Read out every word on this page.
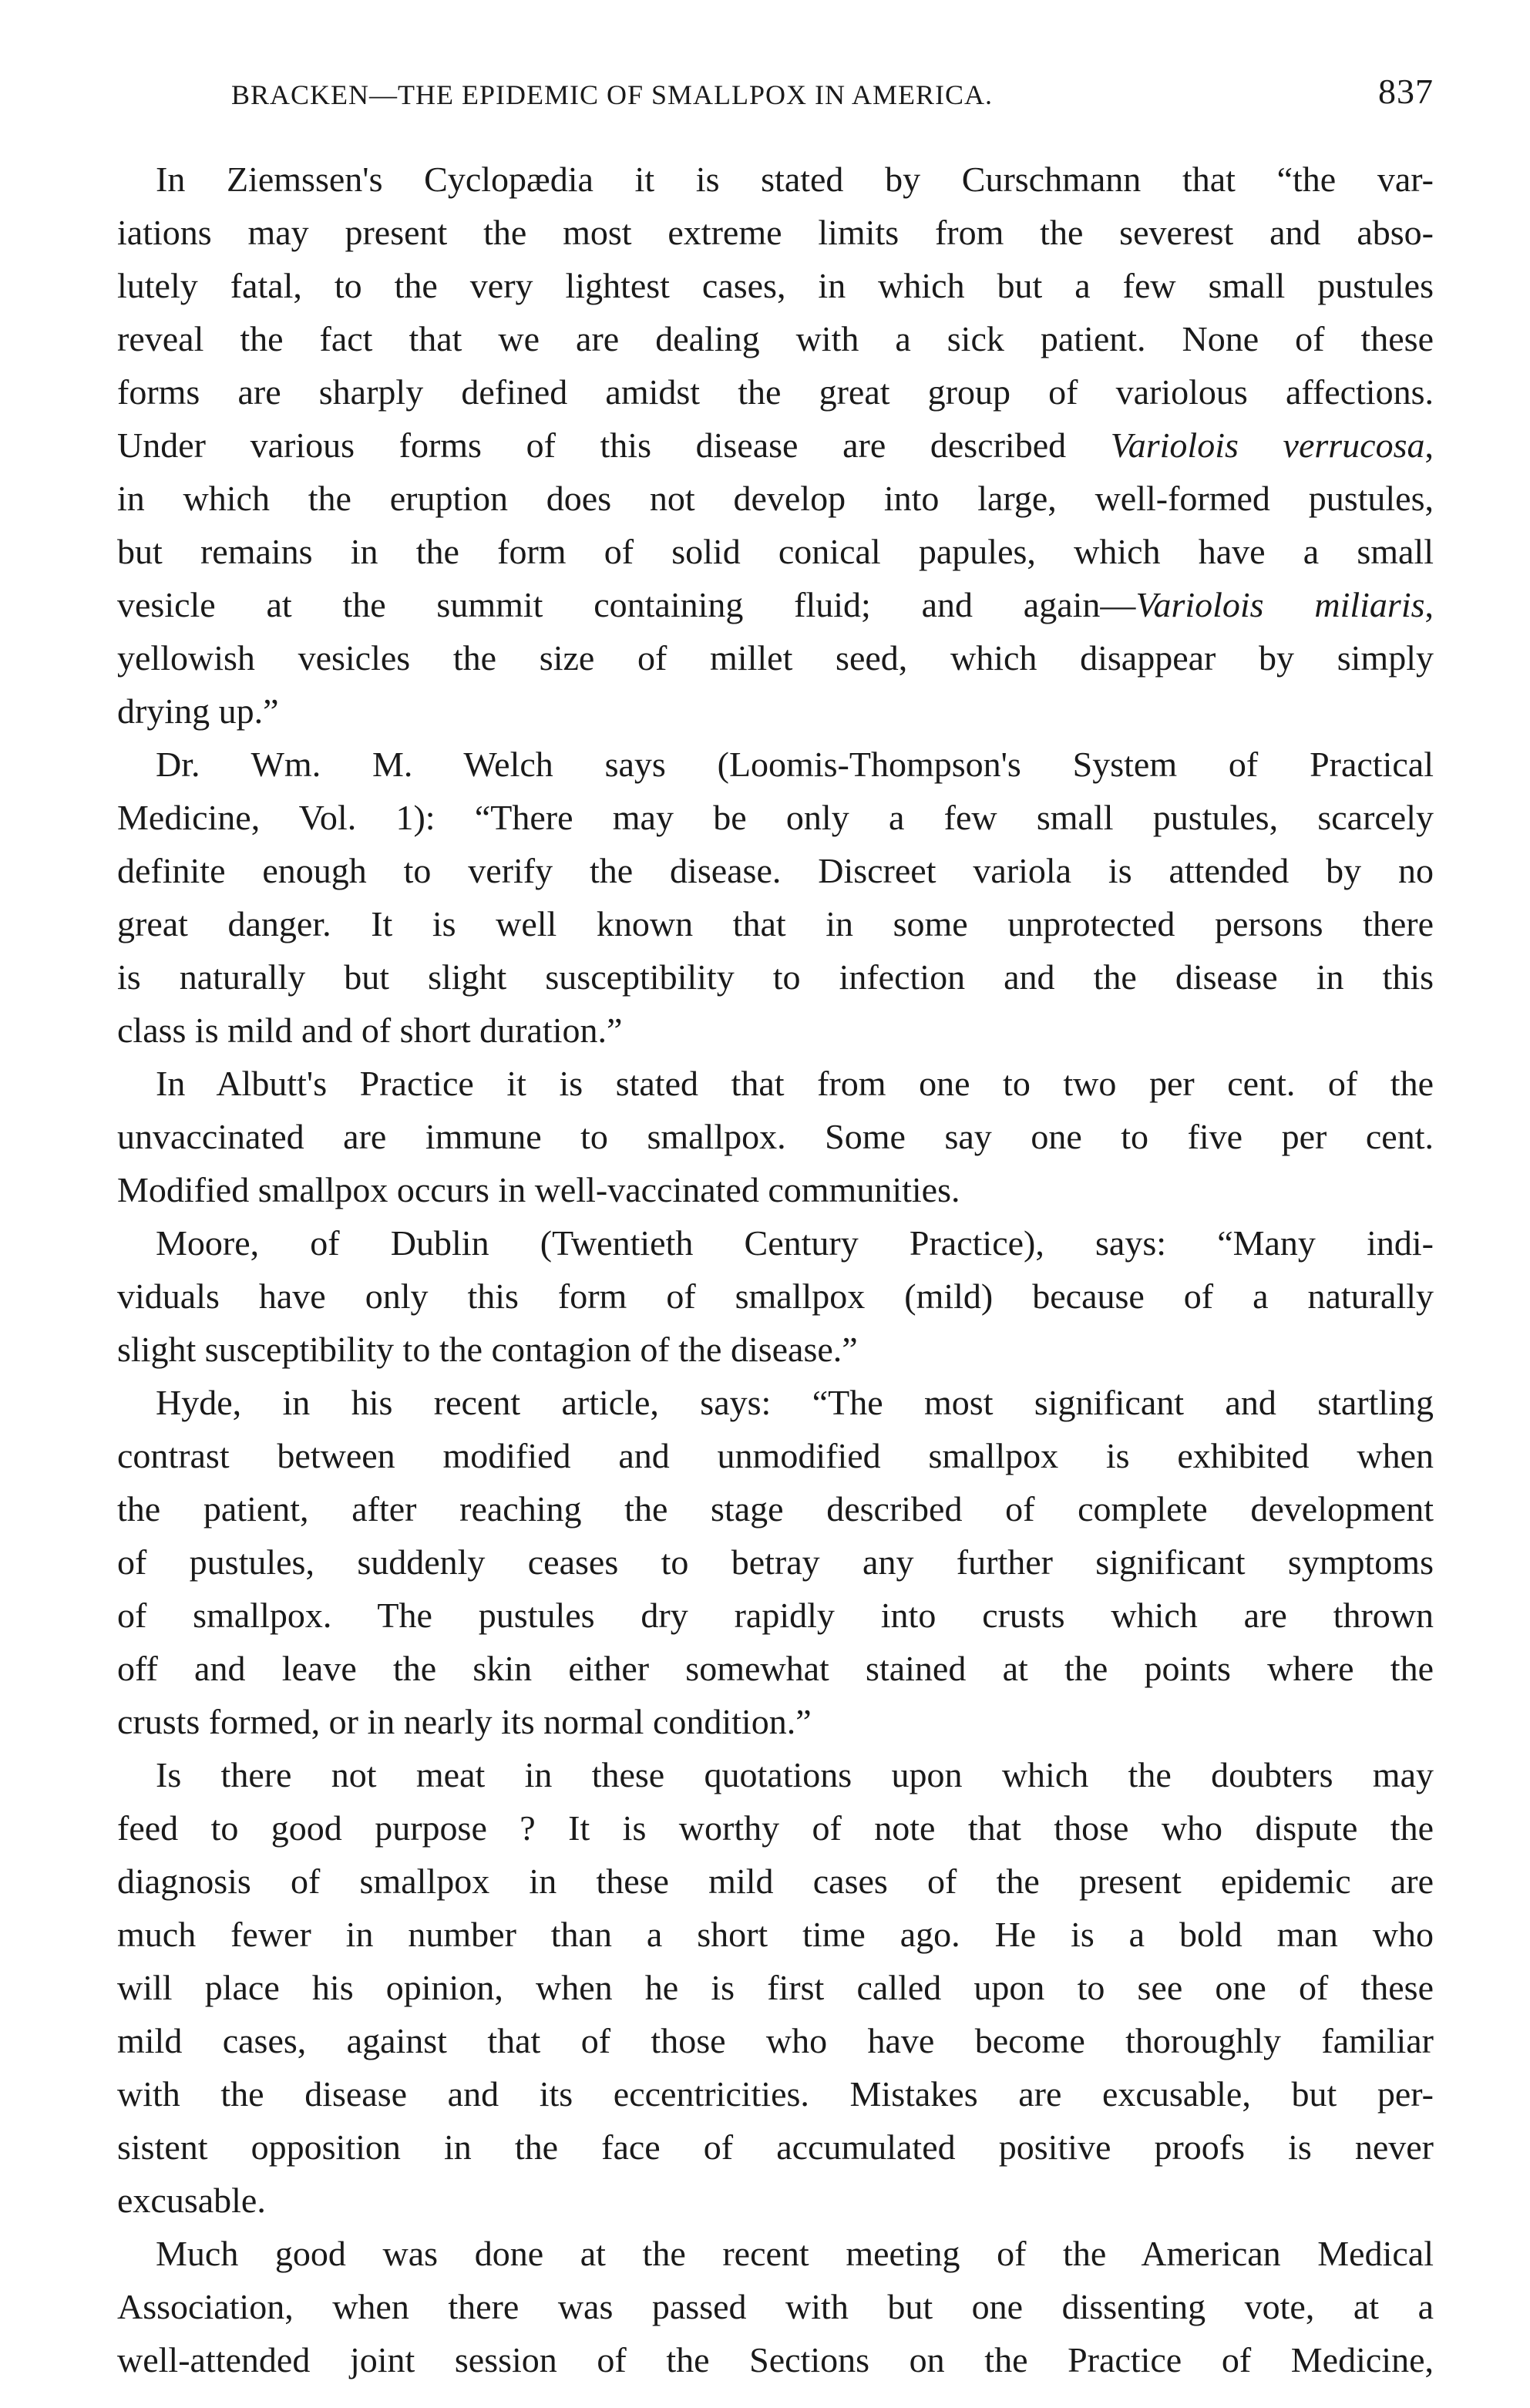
BRACKEN—THE EPIDEMIC OF SMALLPOX IN AMERICA.	837
In Ziemssen's Cyclopædia it is stated by Curschmann that “the var-
iations may present the most extreme limits from the severest and abso-
lutely fatal, to the very lightest cases, in which but a few small pustules
reveal the fact that we are dealing with a sick patient. None of these
forms are sharply defined amidst the great group of variolous affections.
Under various forms of this disease are described Variolois verrucosa,
in which the eruption does not develop into large, well-formed pustules,
but remains in the form of solid conical papules, which have a small
vesicle at the summit containing fluid; and again—Variolois miliaris,
yellowish vesicles the size of millet seed, which disappear by simply
drying up.”
Dr. Wm. M. Welch says (Loomis-Thompson's System of Practical
Medicine, Vol. 1): “There may be only a few small pustules, scarcely
definite enough to verify the disease. Discreet variola is attended by no
great danger. It is well known that in some unprotected persons there
is naturally but slight susceptibility to infection and the disease in this
class is mild and of short duration.”
In Albutt's Practice it is stated that from one to two per cent. of the
unvaccinated are immune to smallpox. Some say one to five per cent.
Modified smallpox occurs in well-vaccinated communities.
Moore, of Dublin (Twentieth Century Practice), says: “Many indi-
viduals have only this form of smallpox (mild) because of a naturally
slight susceptibility to the contagion of the disease.”
Hyde, in his recent article, says: “The most significant and startling
contrast between modified and unmodified smallpox is exhibited when
the patient, after reaching the stage described of complete development
of pustules, suddenly ceases to betray any further significant symptoms
of smallpox. The pustules dry rapidly into crusts which are thrown
off and leave the skin either somewhat stained at the points where the
crusts formed, or in nearly its normal condition.”
Is there not meat in these quotations upon which the doubters may
feed to good purpose ? It is worthy of note that those who dispute the
diagnosis of smallpox in these mild cases of the present epidemic are
much fewer in number than a short time ago. He is a bold man who
will place his opinion, when he is first called upon to see one of these
mild cases, against that of those who have become thoroughly familiar
with the disease and its eccentricities. Mistakes are excusable, but per-
sistent opposition in the face of accumulated positive proofs is never
excusable.
Much good was done at the recent meeting of the American Medical
Association, when there was passed with but one dissenting vote, at a
well-attended joint session of the Sections on the Practice of Medicine,
